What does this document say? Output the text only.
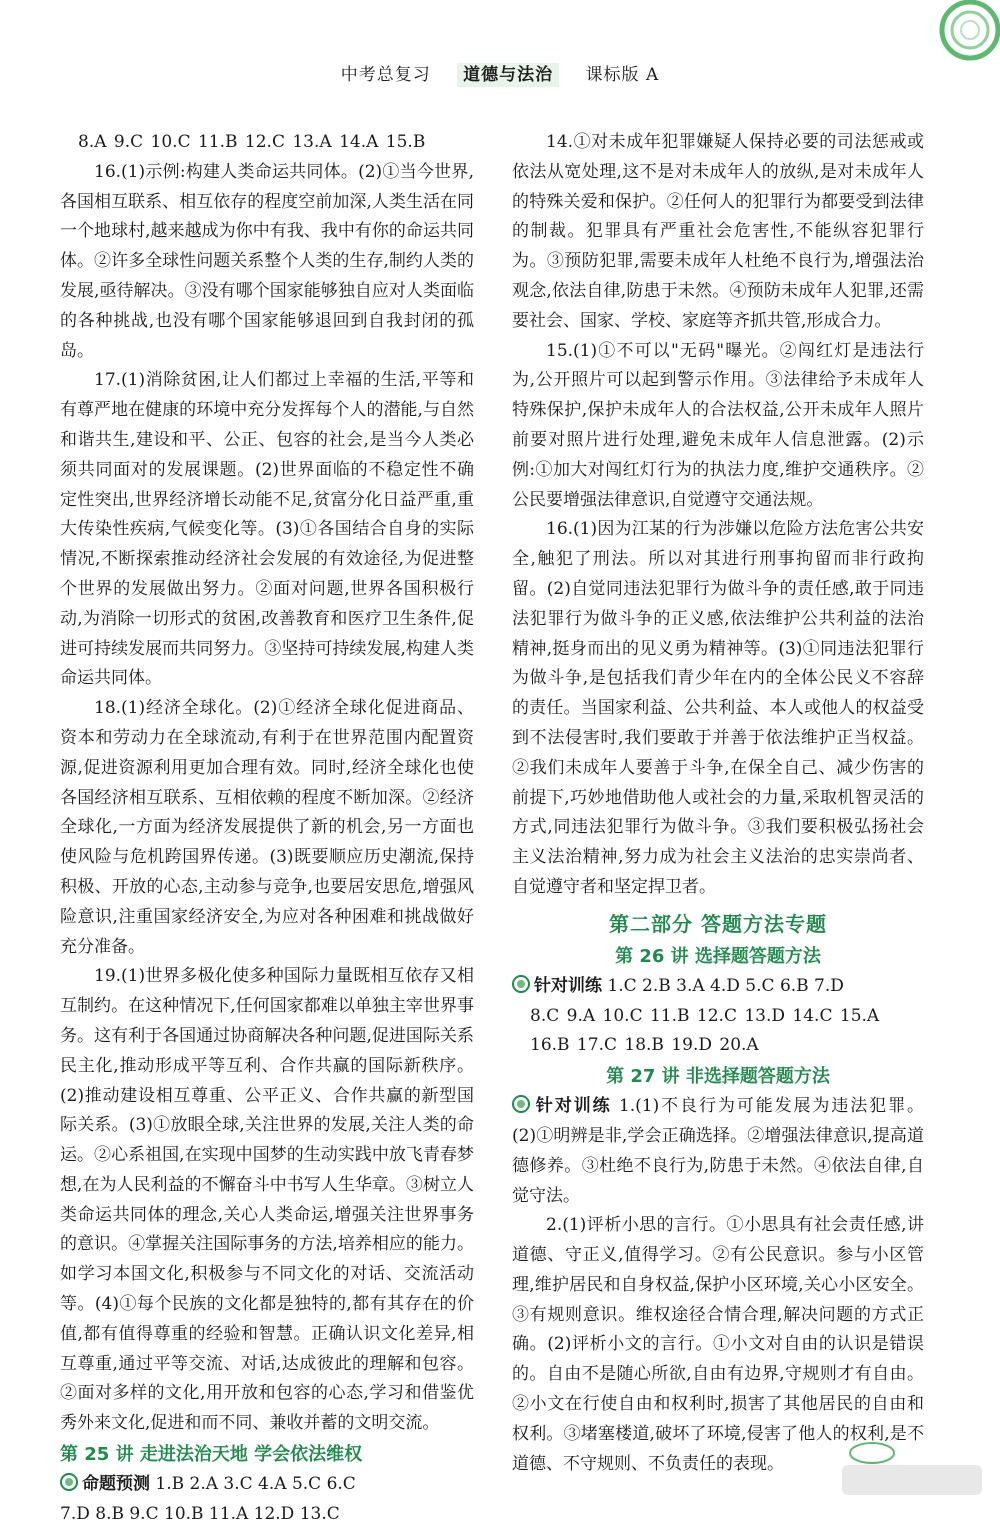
中考总复习 道德与法治 课标版 A

8.A 9.C 10.C 11.B 12.C 13.A 14.A 15.B

16.(1)示例:构建人类命运共同体。(2)①当今世界,各国相互联系、相互依存的程度空前加深,人类生活在同一个地球村,越来越成为你中有我、我中有你的命运共同体。②许多全球性问题关系整个人类的生存,制约人类的发展,亟待解决。③没有哪个国家能够独自应对人类面临的各种挑战,也没有哪个国家能够退回到自我封闭的孤岛。

17.(1)消除贫困,让人们都过上幸福的生活,平等和有尊严地在健康的环境中充分发挥每个人的潜能,与自然和谐共生,建设和平、公正、包容的社会,是当今人类必须共同面对的发展课题。(2)世界面临的不稳定性不确定性突出,世界经济增长动能不足,贫富分化日益严重,重大传染性疾病,气候变化等。(3)①各国结合自身的实际情况,不断探索推动经济社会发展的有效途径,为促进整个世界的发展做出努力。②面对问题,世界各国积极行动,为消除一切形式的贫困,改善教育和医疗卫生条件,促进可持续发展而共同努力。③坚持可持续发展,构建人类命运共同体。

18.(1)经济全球化。(2)①经济全球化促进商品、资本和劳动力在全球流动,有利于在世界范围内配置资源,促进资源利用更加合理有效。同时,经济全球化也使各国经济相互联系、互相依赖的程度不断加深。②经济全球化,一方面为经济发展提供了新的机会,另一方面也使风险与危机跨国界传递。(3)既要顺应历史潮流,保持积极、开放的心态,主动参与竞争,也要居安思危,增强风险意识,注重国家经济安全,为应对各种困难和挑战做好充分准备。

19.(1)世界多极化使多种国际力量既相互依存又相互制约。在这种情况下,任何国家都难以单独主宰世界事务。这有利于各国通过协商解决各种问题,促进国际关系民主化,推动形成平等互利、合作共赢的国际新秩序。(2)推动建设相互尊重、公平正义、合作共赢的新型国际关系。(3)①放眼全球,关注世界的发展,关注人类的命运。②心系祖国,在实现中国梦的生动实践中放飞青春梦想,在为人民利益的不懈奋斗中书写人生华章。③树立人类命运共同体的理念,关心人类命运,增强关注世界事务的意识。④掌握关注国际事务的方法,培养相应的能力。如学习本国文化,积极参与不同文化的对话、交流活动等。(4)①每个民族的文化都是独特的,都有其存在的价值,都有值得尊重的经验和智慧。正确认识文化差异,相互尊重,通过平等交流、对话,达成彼此的理解和包容。②面对多样的文化,用开放和包容的心态,学习和借鉴优秀外来文化,促进和而不同、兼收并蓄的文明交流。

第 25 讲 走进法治天地 学会依法维权

命题预测 1.B 2.A 3.C 4.A 5.C 6.C

7.D 8.B 9.C 10.B 11.A 12.D 13.C

14.①对未成年犯罪嫌疑人保持必要的司法惩戒或依法从宽处理,这不是对未成年人的放纵,是对未成年人的特殊关爱和保护。②任何人的犯罪行为都要受到法律的制裁。犯罪具有严重社会危害性,不能纵容犯罪行为。③预防犯罪,需要未成年人杜绝不良行为,增强法治观念,依法自律,防患于未然。④预防未成年人犯罪,还需要社会、国家、学校、家庭等齐抓共管,形成合力。

15.(1)①不可以"无码"曝光。②闯红灯是违法行为,公开照片可以起到警示作用。③法律给予未成年人特殊保护,保护未成年人的合法权益,公开未成年人照片前要对照片进行处理,避免未成年人信息泄露。(2)示例:①加大对闯红灯行为的执法力度,维护交通秩序。②公民要增强法律意识,自觉遵守交通法规。

16.(1)因为江某的行为涉嫌以危险方法危害公共安全,触犯了刑法。所以对其进行刑事拘留而非行政拘留。(2)自觉同违法犯罪行为做斗争的责任感,敢于同违法犯罪行为做斗争的正义感,依法维护公共利益的法治精神,挺身而出的见义勇为精神等。(3)①同违法犯罪行为做斗争,是包括我们青少年在内的全体公民义不容辞的责任。当国家利益、公共利益、本人或他人的权益受到不法侵害时,我们要敢于并善于依法维护正当权益。②我们未成年人要善于斗争,在保全自己、减少伤害的前提下,巧妙地借助他人或社会的力量,采取机智灵活的方式,同违法犯罪行为做斗争。③我们要积极弘扬社会主义法治精神,努力成为社会主义法治的忠实崇尚者、自觉遵守者和坚定捍卫者。

第二部分 答题方法专题

第 26 讲 选择题答题方法

针对训练 1.C 2.B 3.A 4.D 5.C 6.B 7.D

8.C 9.A 10.C 11.B 12.C 13.D 14.C 15.A

16.B 17.C 18.B 19.D 20.A

第 27 讲 非选择题答题方法

针对训练 1.(1)不良行为可能发展为违法犯罪。(2)①明辨是非,学会正确选择。②增强法律意识,提高道德修养。③杜绝不良行为,防患于未然。④依法自律,自觉守法。

2.(1)评析小思的言行。①小思具有社会责任感,讲道德、守正义,值得学习。②有公民意识。参与小区管理,维护居民和自身权益,保护小区环境,关心小区安全。③有规则意识。维权途径合情合理,解决问题的方式正确。(2)评析小文的言行。①小文对自由的认识是错误的。自由不是随心所欲,自由有边界,守规则才有自由。②小文在行使自由和权利时,损害了其他居民的自由和权利。③堵塞楼道,破坏了环境,侵害了他人的权利,是不道德、不守规则、不负责任的表现。
